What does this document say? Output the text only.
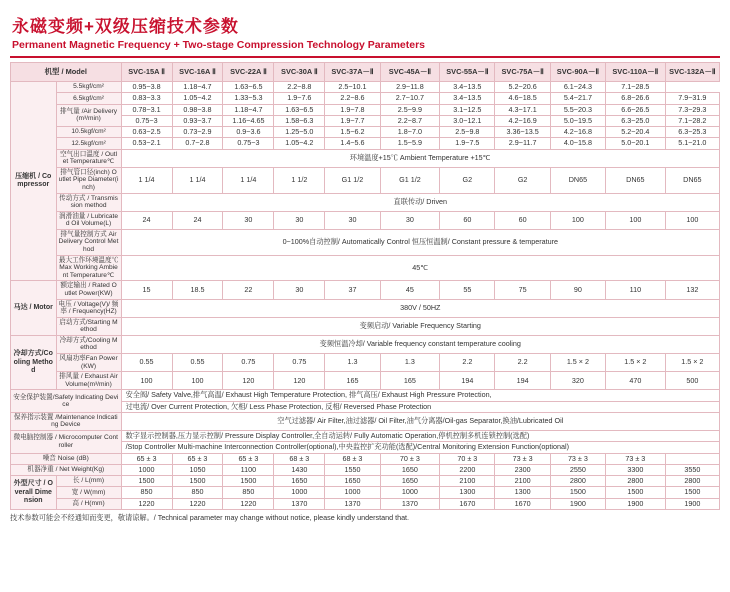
永磁变频+双级压缩技术参数
Permanent Magnetic Frequency + Two-stage Compression Technology Parameters
机型 / Model		SVC-15A Ⅱ	SVC-16A Ⅱ	SVC-22A Ⅱ	SVC-30A Ⅱ	SVC-37A－Ⅱ	SVC-45A－Ⅱ	SVC-55A－Ⅱ	SVC-75A－Ⅱ	SVC-90A－Ⅱ	SVC-110A－Ⅱ	SVC-132A－Ⅱ
压缩机 / Compressor	5.5kgf/cm²	0.95~3.8	1.18~4.7	1.63~6.5	2.2~8.8	2.5~10.1	2.9~11.8	3.4~13.5	5.2~20.6	6.1~24.3	7.1~28.5	
	6.5kgf/cm²	0.83~3.3	1.05~4.2	1.33~5.3	1.9~7.6	2.2~8.6	2.7~10.7	3.4~13.5	4.6~18.5	5.4~21.7	6.8~26.6	7.9~31.9
	排气量 /Air Delivery (m³/min)	0.78~3.1	0.98~3.8	1.18~4.7	1.63~6.5	1.9~7.8	2.5~9.9	3.1~12.5	4.3~17.1	5.5~20.3	6.6~26.5	7.3~29.3
		0.75~3	0.93~3.7	1.16~4.65	1.58~6.3	1.9~7.7	2.2~8.7	3.0~12.1	4.2~16.9	5.0~19.5	6.3~25.0	7.1~28.2
	10.5kgf/cm²	0.63~2.5	0.73~2.9	0.9~3.6	1.25~5.0	1.5~6.2	1.8~7.0	2.5~9.8	3.36~13.5	4.2~16.8	5.2~20.4	6.3~25.3
	12.5kgf/cm²	0.53~2.1	0.7~2.8	0.75~3	1.05~4.2	1.4~5.6	1.5~5.9	1.9~7.5	2.9~11.7	4.0~15.8	5.0~20.1	5.1~21.0
	空气出口温度 / Outlet Temperature℃	环境温度+15℃ Ambient Temperature +15℃										
	排气管口径(inch) Outlet Pipe Diameter(inch)	1 1/4	1 1/4	1 1/4	1 1/2	G1 1/2	G1 1/2	G2	G2	DN65	DN65	DN65
	传动方式 / Transmission method	直联传动/ Driven										
	润滑油量 / Lubricated Oil Volume(L)	24	24	30	30	30	30	60	60	100	100	100
	排气量控制方式 Air Delivery Control Method	0~100%自动控制/ Automatically Control 恒压恒温制/ Constant pressure & temperature										
	最大工作环境温度℃ Max Working Ambient Temperature℃	45℃										
马达 / Motor	额定输出 / Rated Outlet Power(KW)	15	18.5	22	30	37	45	55	75	90	110	132
	电压 / Voltage(V)/ 频率 / Frequency(HZ)	380V / 50HZ										
	启动方式/Starting Method	变频启动/ Variable Frequency Starting										
冷却方式/Cooling Method	冷却方式/Cooling Method	变频恒温冷却/ Variable frequency constant temperature cooling										
	风扇功率Fan Power(KW)	0.55	0.55	0.75	0.75	1.3	1.3	2.2	2.2	1.5 × 2	1.5 × 2	1.5 × 2
	排风量 / Exhaust Air Volume(m³/min)	100	100	120	120	165	165	194	194	320	470	500
安全保护装置/Safety Indicating Device		安全阀/ Safety Valve,排气高温/ Exhaust High Temperature Protection, 排气高压/ Exhaust High Pressure Protection,										
		过电流/ Over Current Protection, 欠相/ Less Phase Protection, 反相/ Reversed Phase Protection										
保养指示装置 /Maintenance Indicating Device		空气过滤器/ Air Filter,油过滤器/ Oil Filter,油气分离器/Oil-gas Separator,换油/Lubricated Oil										
微电脑控制器 / Microcomputer Controller		数字显示控制器,压力显示控制/ Pressure Display Controller,全自动运转/ Fully Automatic Operation,停机控制多机连锁控制(选配)										
		/Stop Controller Multi-machine Interconnection Controller(optional),中央监控扩充功能(选配)/Central Monitoring Extension Function(optional)										
噪音 Noise (dB)		65 ± 3	65 ± 3	65 ± 3	68 ± 3	68 ± 3	70 ± 3	70 ± 3	73 ± 3	73 ± 3	73 ± 3	
机器净重 / Net Weight(Kg)		1000	1050	1100	1430	1550	1650	2200	2300	2550	3300	3550
外型尺寸 / Overall Dimension	长 / L(mm)	1500	1500	1500	1650	1650	1650	2100	2100	2800	2800	2800
	宽 / W(mm)	850	850	850	1000	1000	1000	1300	1300	1500	1500	1500
	高 / H(mm)	1220	1220	1220	1370	1370	1370	1670	1670	1900	1900	1900
技术参数可能会不经通知而变更，敬请谅解。/ Technical parameter may change without notice, please kindly understand that.
